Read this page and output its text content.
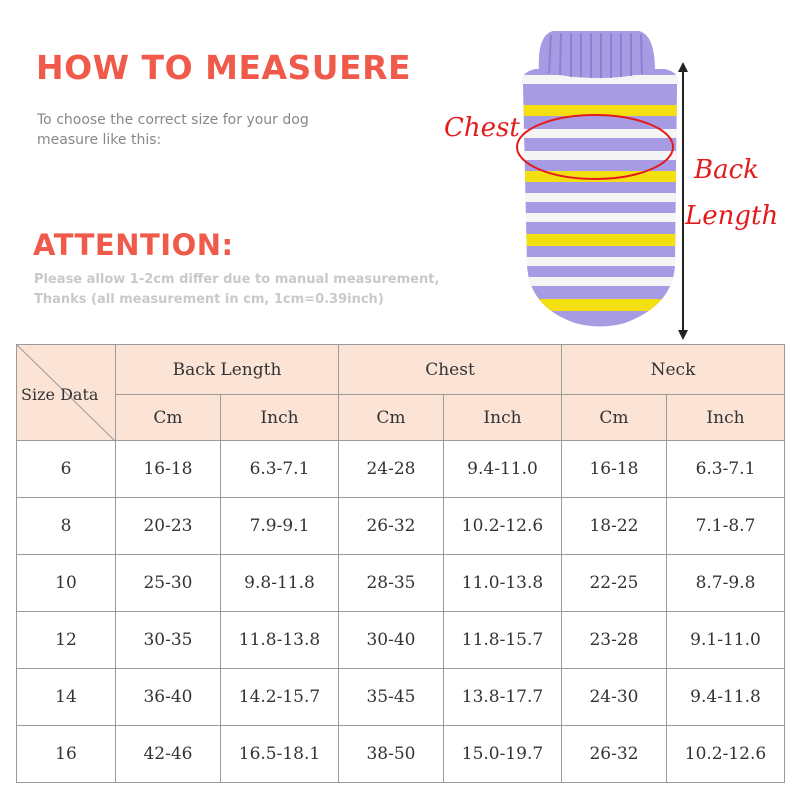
HOW TO MEASUERE
To choose the correct size for your dog
measure like this:
ATTENTION:
Please allow 1-2cm differ due to manual measurement,
Thanks (all measurement in cm, 1cm=0.39inch)
Chest
Back
Length
Size Data	Back Length		Chest		Neck	
	Cm	Inch	Cm	Inch	Cm	Inch
6	16-18	6.3-7.1	24-28	9.4-11.0	16-18	6.3-7.1
8	20-23	7.9-9.1	26-32	10.2-12.6	18-22	7.1-8.7
10	25-30	9.8-11.8	28-35	11.0-13.8	22-25	8.7-9.8
12	30-35	11.8-13.8	30-40	11.8-15.7	23-28	9.1-11.0
14	36-40	14.2-15.7	35-45	13.8-17.7	24-30	9.4-11.8
16	42-46	16.5-18.1	38-50	15.0-19.7	26-32	10.2-12.6
